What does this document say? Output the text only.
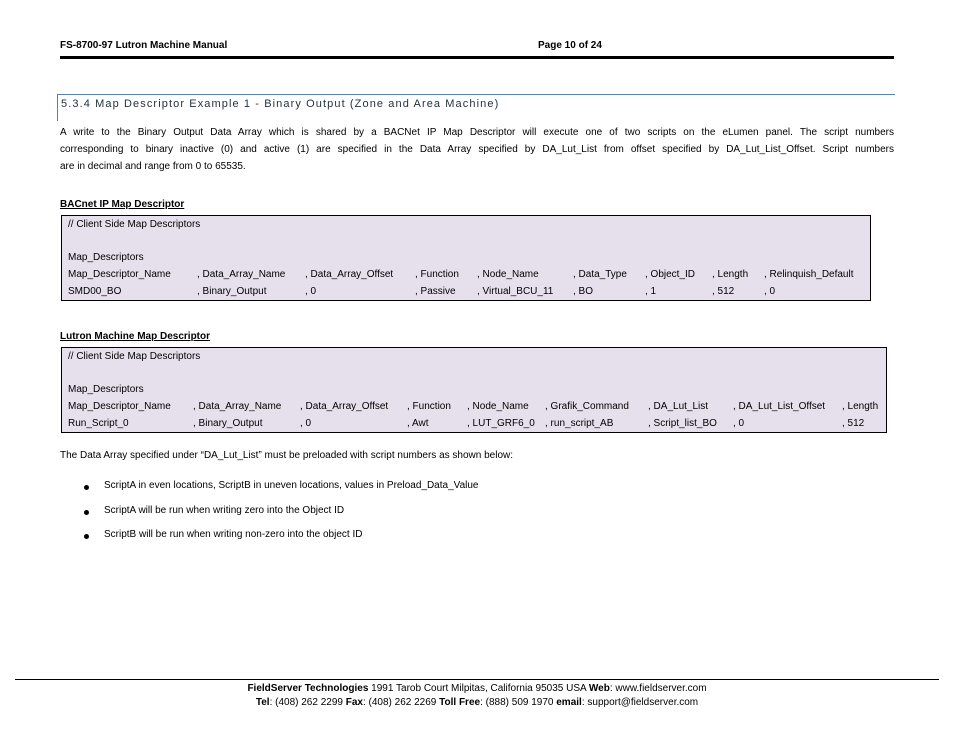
FS-8700-97 Lutron Machine Manual	Page 10 of 24
5.3.4 Map Descriptor Example 1 - Binary Output (Zone and Area Machine)
A write to the Binary Output Data Array which is shared by a BACNet IP Map Descriptor will execute one of two scripts on the eLumen panel. The script numbers
corresponding to binary inactive (0) and active (1) are specified in the Data Array specified by DA_Lut_List from offset specified by DA_Lut_List_Offset. Script numbers
are in decimal and range from 0 to 65535.
BACnet IP Map Descriptor
// Client Side Map Descriptors
Map_Descriptors
Map_Descriptor_Name	, Data_Array_Name , Data_Array_Offset , Function , Node_Name	, Data_Type , Object_ID , Length , Relinquish_Default
SMD00_BO	, Binary_Output	, 0	, Passive , Virtual_BCU_11 , BO	, 1	, 512	, 0
Lutron Machine Map Descriptor
// Client Side Map Descriptors
Map_Descriptors
Map_Descriptor_Name , Data_Array_Name , Data_Array_Offset , Function , Node_Name , Grafik_Command , DA_Lut_List , DA_Lut_List_Offset , Length
Run_Script_0	, Binary_Output	, 0	, Awt	, LUT_GRF6_0 , run_script_AB	, Script_list_BO , 0	, 512
The Data Array specified under “DA_Lut_List” must be preloaded with script numbers as shown below:
ScriptA in even locations, ScriptB in uneven locations, values in Preload_Data_Value
ScriptA will be run when writing zero into the Object ID
ScriptB will be run when writing non-zero into the object ID
FieldServer Technologies 1991 Tarob Court Milpitas, California 95035 USA Web: www.fieldserver.com
Tel: (408) 262 2299 Fax: (408) 262 2269 Toll Free: (888) 509 1970 email: support@fieldserver.com
